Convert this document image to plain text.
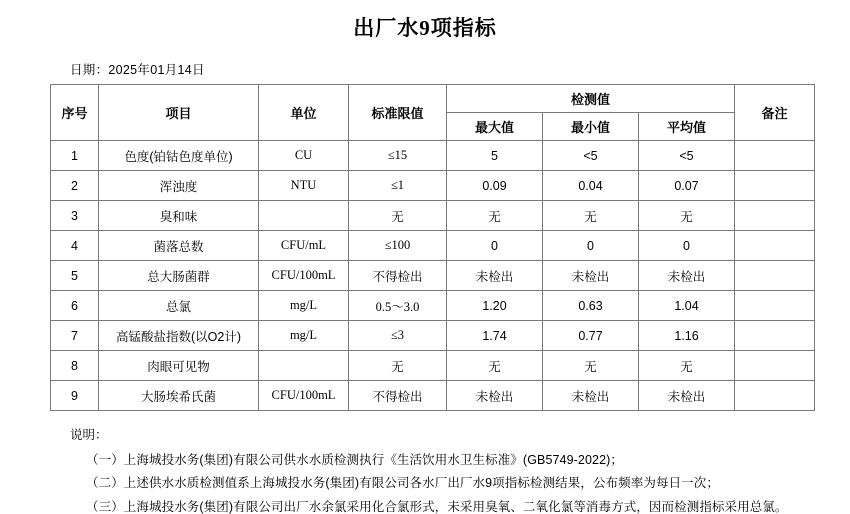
出厂水9项指标
日期：2025年01月14日
序号	项目	单位	标准限值	检测值			备注
				最大值	最小值	平均值	
1	色度(铂钴色度单位)	CU	≤15	5	<5	<5	
2	浑浊度	NTU	≤1	0.09	0.04	0.07	
3	臭和味		无	无	无	无	
4	菌落总数	CFU/mL	≤100	0	0	0	
5	总大肠菌群	CFU/100mL	不得检出	未检出	未检出	未检出	
6	总氯	mg/L	0.5～3.0	1.20	0.63	1.04	
7	高锰酸盐指数(以O2计)	mg/L	≤3	1.74	0.77	1.16	
8	肉眼可见物		无	无	无	无	
9	大肠埃希氏菌	CFU/100mL	不得检出	未检出	未检出	未检出	
说明：
（一）上海城投水务(集团)有限公司供水水质检测执行《生活饮用水卫生标准》(GB5749-2022)；
（二）上述供水水质检测值系上海城投水务(集团)有限公司各水厂出厂水9项指标检测结果，公布频率为每日一次；
（三）上海城投水务(集团)有限公司出厂水余氯采用化合氯形式，未采用臭氧、二氧化氯等消毒方式，因而检测指标采用总氯。
